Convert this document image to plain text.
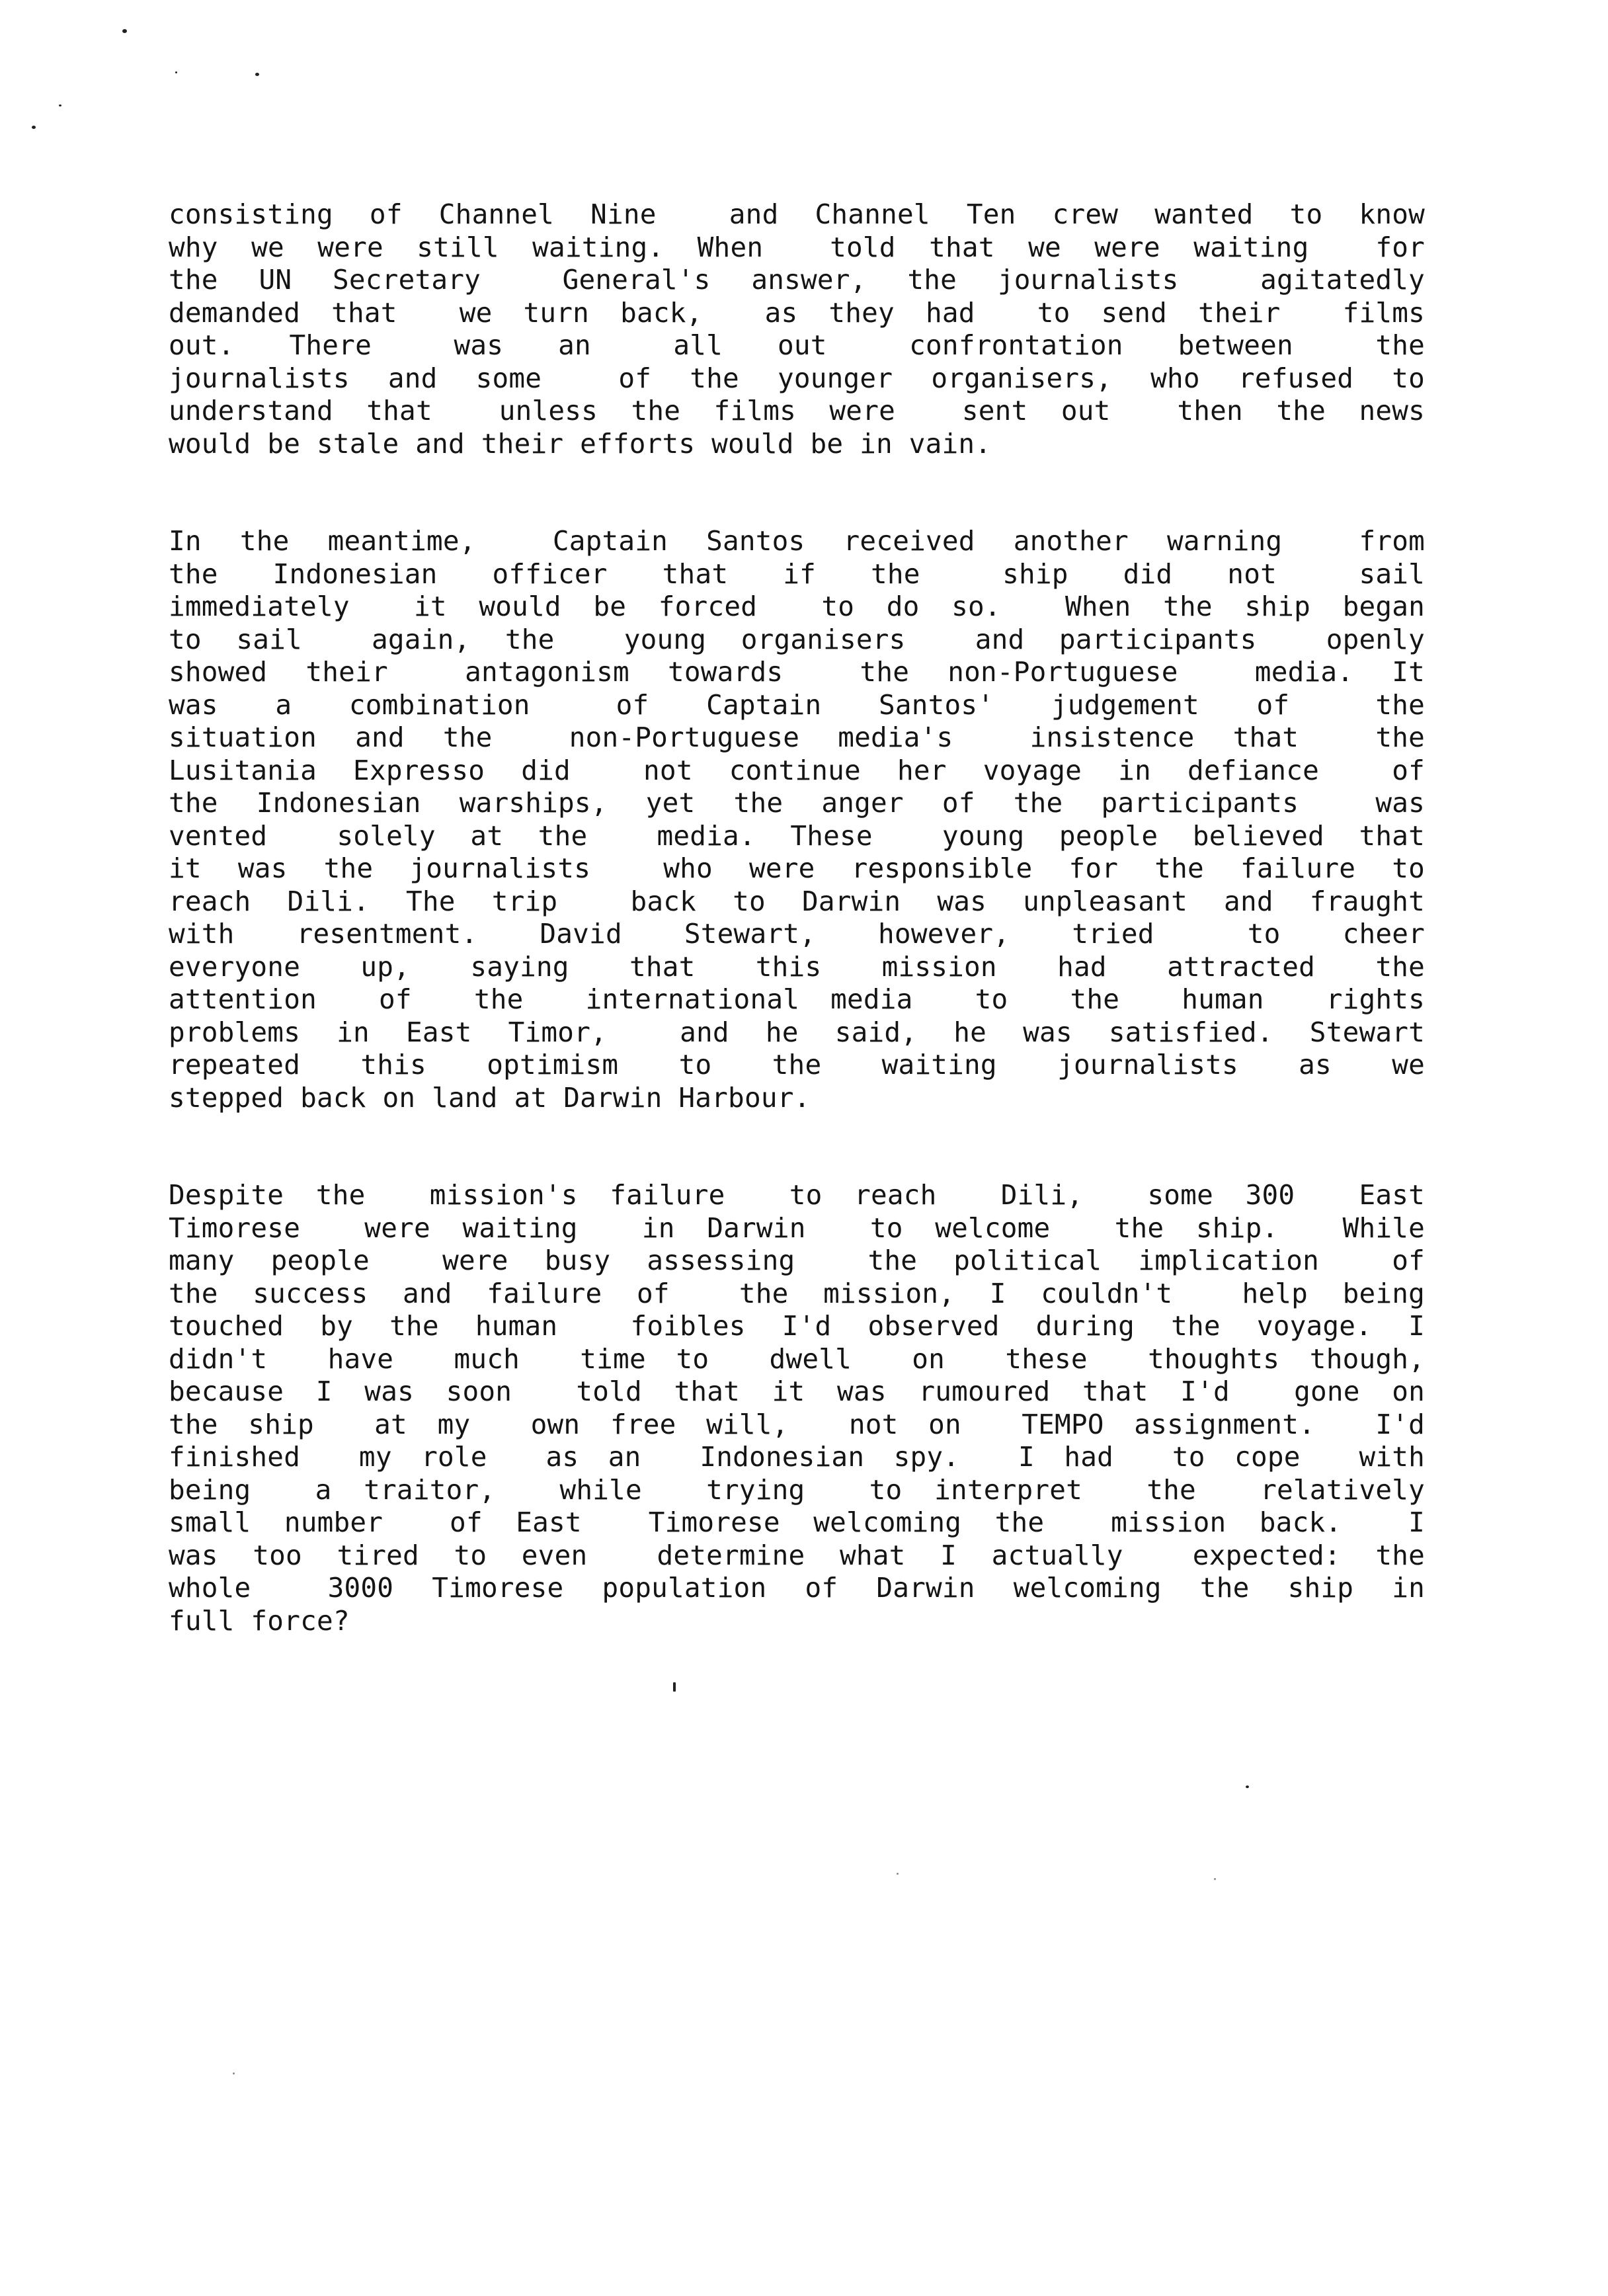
consisting of Channel Nine  and Channel Ten crew wanted to know
why we were still waiting. When  told that we were waiting  for
the UN Secretary  General's answer, the journalists  agitatedly
demanded that  we turn back,  as they had  to send their  films
out.  There   was  an   all  out   confrontation  between   the
journalists and some  of the younger organisers, who refused to
understand that  unless the films were  sent out  then the news
would be stale and their efforts would be in vain.
In the meantime,  Captain Santos received another warning  from
the  Indonesian  officer  that  if  the   ship  did  not   sail
immediately  it would be forced  to do so.  When the ship began
to sail  again, the  young organisers  and participants  openly
showed their  antagonism towards  the non-Portuguese  media. It
was  a  combination   of  Captain  Santos'  judgement  of   the
situation and the  non-Portuguese media's  insistence that  the
Lusitania Expresso did  not continue her voyage in defiance  of
the Indonesian warships, yet the anger of the participants  was
vented  solely at the  media. These  young people believed that
it was the journalists  who were responsible for the failure to
reach Dili. The trip  back to Darwin was unpleasant and fraught
with  resentment.  David  Stewart,  however,  tried   to  cheer
everyone  up,  saying  that  this  mission  had  attracted  the
attention  of  the  international media  to  the  human  rights
problems in East Timor,  and he said, he was satisfied. Stewart
repeated  this  optimism  to  the  waiting  journalists  as  we
stepped back on land at Darwin Harbour.
Despite the  mission's failure  to reach  Dili,  some 300  East
Timorese  were waiting  in Darwin  to welcome  the ship.  While
many people  were busy assessing  the political implication  of
the success and failure of  the mission, I couldn't  help being
touched by the human  foibles I'd observed during the voyage. I
didn't  have  much  time to  dwell  on  these  thoughts though,
because I was soon  told that it was rumoured that I'd  gone on
the ship  at my  own free will,  not on  TEMPO assignment.  I'd
finished  my role  as an  Indonesian spy.  I had  to cope  with
being  a traitor,  while  trying  to interpret  the  relatively
small number  of East  Timorese welcoming the  mission back.  I
was too tired to even  determine what I actually  expected: the
whole  3000 Timorese population of Darwin welcoming the ship in
full force?
